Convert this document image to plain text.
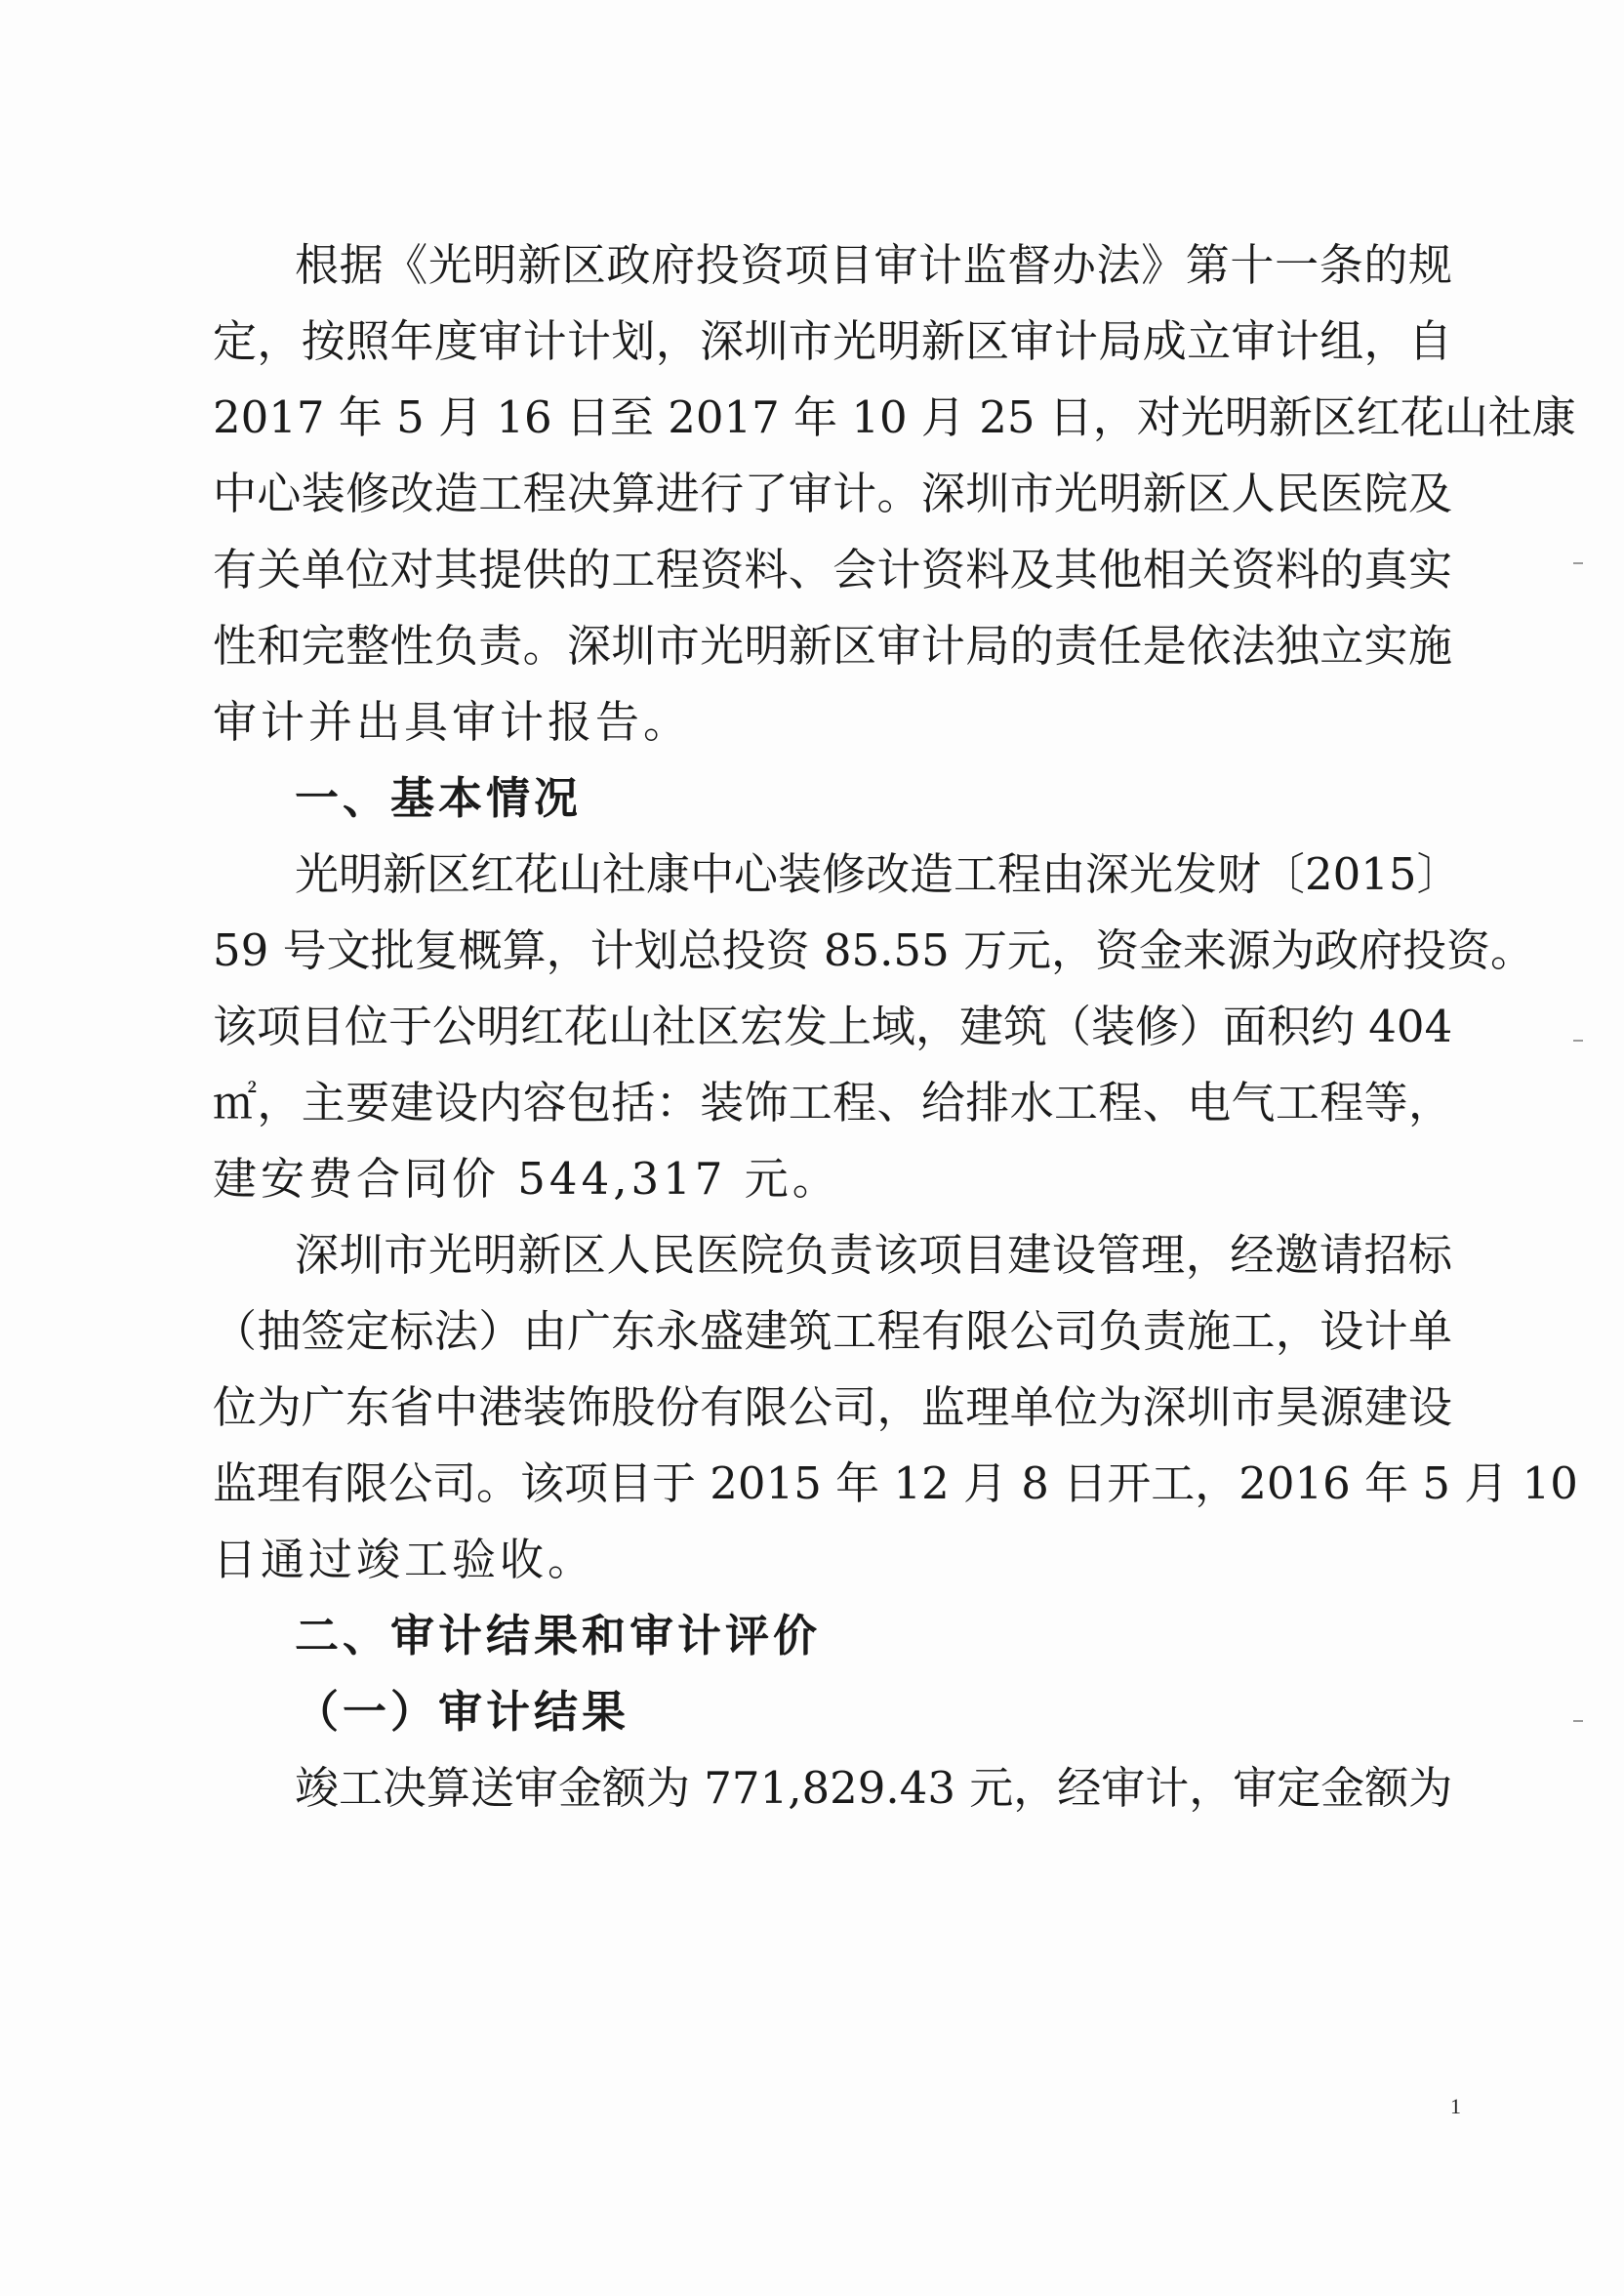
根据《光明新区政府投资项目审计监督办法》第十一条的规
定，按照年度审计计划，深圳市光明新区审计局成立审计组，自
2017 年 5 月 16 日至 2017 年 10 月 25 日，对光明新区红花山社康
中心装修改造工程决算进行了审计。深圳市光明新区人民医院及
有关单位对其提供的工程资料、会计资料及其他相关资料的真实
性和完整性负责。深圳市光明新区审计局的责任是依法独立实施
审计并出具审计报告。
一、基本情况
光明新区红花山社康中心装修改造工程由深光发财〔2015〕
59 号文批复概算，计划总投资 85.55 万元，资金来源为政府投资。
该项目位于公明红花山社区宏发上域，建筑（装修）面积约 404
㎡，主要建设内容包括：装饰工程、给排水工程、电气工程等，
建安费合同价 544,317 元。
深圳市光明新区人民医院负责该项目建设管理，经邀请招标
（抽签定标法）由广东永盛建筑工程有限公司负责施工，设计单
位为广东省中港装饰股份有限公司，监理单位为深圳市昊源建设
监理有限公司。该项目于 2015 年 12 月 8 日开工，2016 年 5 月 10
日通过竣工验收。
二、审计结果和审计评价
（一）审计结果
竣工决算送审金额为 771,829.43 元，经审计，审定金额为
1
